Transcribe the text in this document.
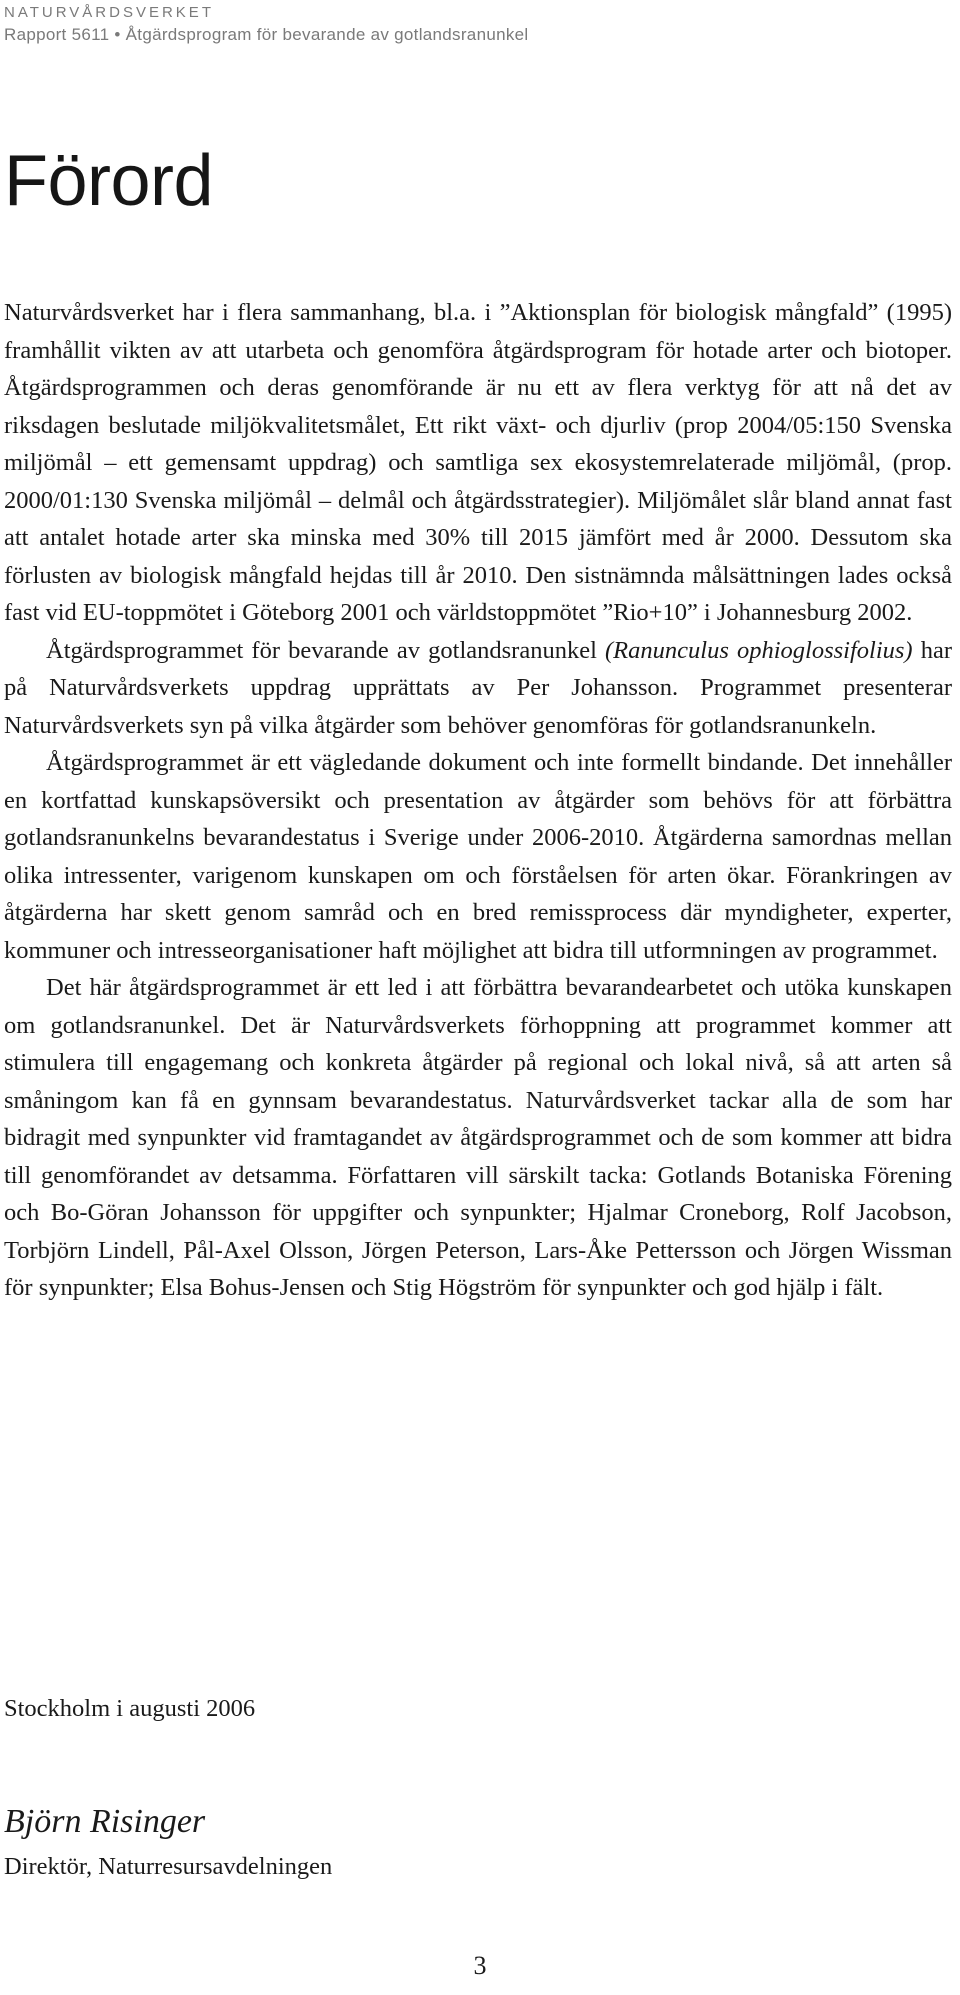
NATURVÅRDSVERKET
Rapport 5611 • Åtgärdsprogram för bevarande av gotlandsranunkel
Förord

Naturvårdsverket har i flera sammanhang, bl.a. i ”Aktionsplan för biologisk mångfald” (1995) framhållit vikten av att utarbeta och genomföra åtgärdsprogram för hotade arter och biotoper. Åtgärdsprogrammen och deras genomförande är nu ett av flera verktyg för att nå det av riksdagen beslutade miljökvalitetsmålet, Ett rikt växt- och djurliv (prop 2004/05:150 Svenska miljömål – ett gemensamt uppdrag) och samtliga sex ekosystemrelaterade miljömål, (prop. 2000/01:130 Svenska miljömål – delmål och åtgärdsstrategier). Miljömålet slår bland annat fast att antalet hotade arter ska minska med 30% till 2015 jämfört med år 2000. Dessutom ska förlusten av biologisk mångfald hejdas till år 2010. Den sistnämnda målsättningen lades också fast vid EU-toppmötet i Göteborg 2001 och världstoppmötet ”Rio+10” i Johannesburg 2002.

Åtgärdsprogrammet för bevarande av gotlandsranunkel (Ranunculus ophioglossifolius) har på Naturvårdsverkets uppdrag upprättats av Per Johansson. Programmet presenterar Naturvårdsverkets syn på vilka åtgärder som behöver genomföras för gotlandsranunkeln.

Åtgärdsprogrammet är ett vägledande dokument och inte formellt bindande. Det innehåller en kortfattad kunskapsöversikt och presentation av åtgärder som behövs för att förbättra gotlandsranunkelns bevarandestatus i Sverige under 2006-2010. Åtgärderna samordnas mellan olika intressenter, varigenom kunskapen om och förståelsen för arten ökar. Förankringen av åtgärderna har skett genom samråd och en bred remissprocess där myndigheter, experter, kommuner och intresseorganisationer haft möjlighet att bidra till utformningen av programmet.

Det här åtgärdsprogrammet är ett led i att förbättra bevarandearbetet och utöka kunskapen om gotlandsranunkel. Det är Naturvårdsverkets förhoppning att programmet kommer att stimulera till engagemang och konkreta åtgärder på regional och lokal nivå, så att arten så småningom kan få en gynnsam bevarandestatus. Naturvårdsverket tackar alla de som har bidragit med synpunkter vid framtagandet av åtgärdsprogrammet och de som kommer att bidra till genomförandet av detsamma. Författaren vill särskilt tacka: Gotlands Botaniska Förening och Bo-Göran Johansson för uppgifter och synpunkter; Hjalmar Croneborg, Rolf Jacobson, Torbjörn Lindell, Pål-Axel Olsson, Jörgen Peterson, Lars-Åke Pettersson och Jörgen Wissman för synpunkter; Elsa Bohus-Jensen och Stig Högström för synpunkter och god hjälp i fält.

Stockholm i augusti 2006

Björn Risinger

Direktör, Naturresursavdelningen

3
